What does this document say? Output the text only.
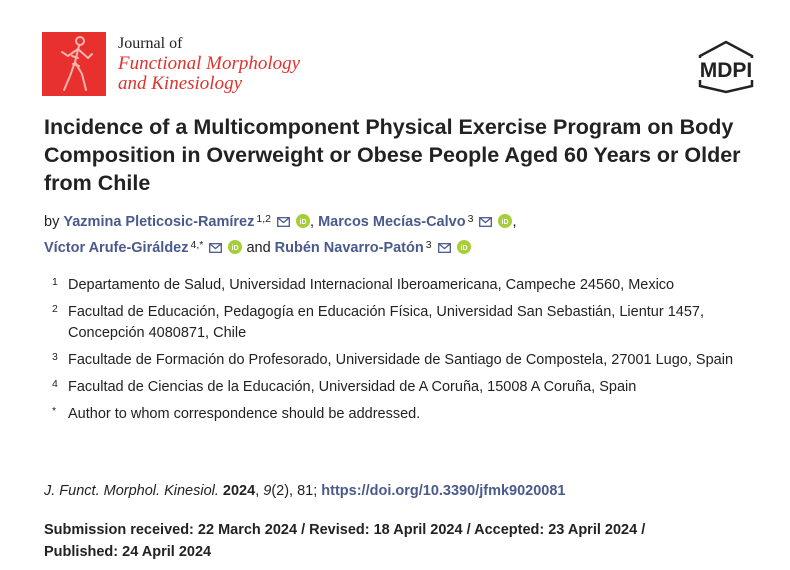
Journal of
Functional Morphology
and Kinesiology
MDPI
Incidence of a Multicomponent Physical Exercise Program on Body Composition in Overweight or Obese People Aged 60 Years or Older from Chile
by Yazmina Pleticosic-Ramírez $^{1,2}$	iD , Marcos Mecías-Calvo $^3$	iD ,
Víctor Arufe-Giráldez $^{4,*}$	iD and Rubén Navarro-Patón $^3$	iD
1 Departamento de Salud, Universidad Internacional Iberoamericana, Campeche 24560, Mexico
2 Facultad de Educación, Pedagogía en Educación Física, Universidad San Sebastián, Lientur 1457, Concepción 4080871, Chile
3 Facultade de Formación do Profesorado, Universidade de Santiago de Compostela, 27001 Lugo, Spain
4 Facultad de Ciencias de la Educación, Universidad de A Coruña, 15008 A Coruña, Spain
* Author to whom correspondence should be addressed.
J. Funct. Morphol. Kinesiol. 2024, 9(2), 81; https://doi.org/10.3390/jfmk9020081
Submission received: 22 March 2024 / Revised: 18 April 2024 / Accepted: 23 April 2024 /
Published: 24 April 2024
